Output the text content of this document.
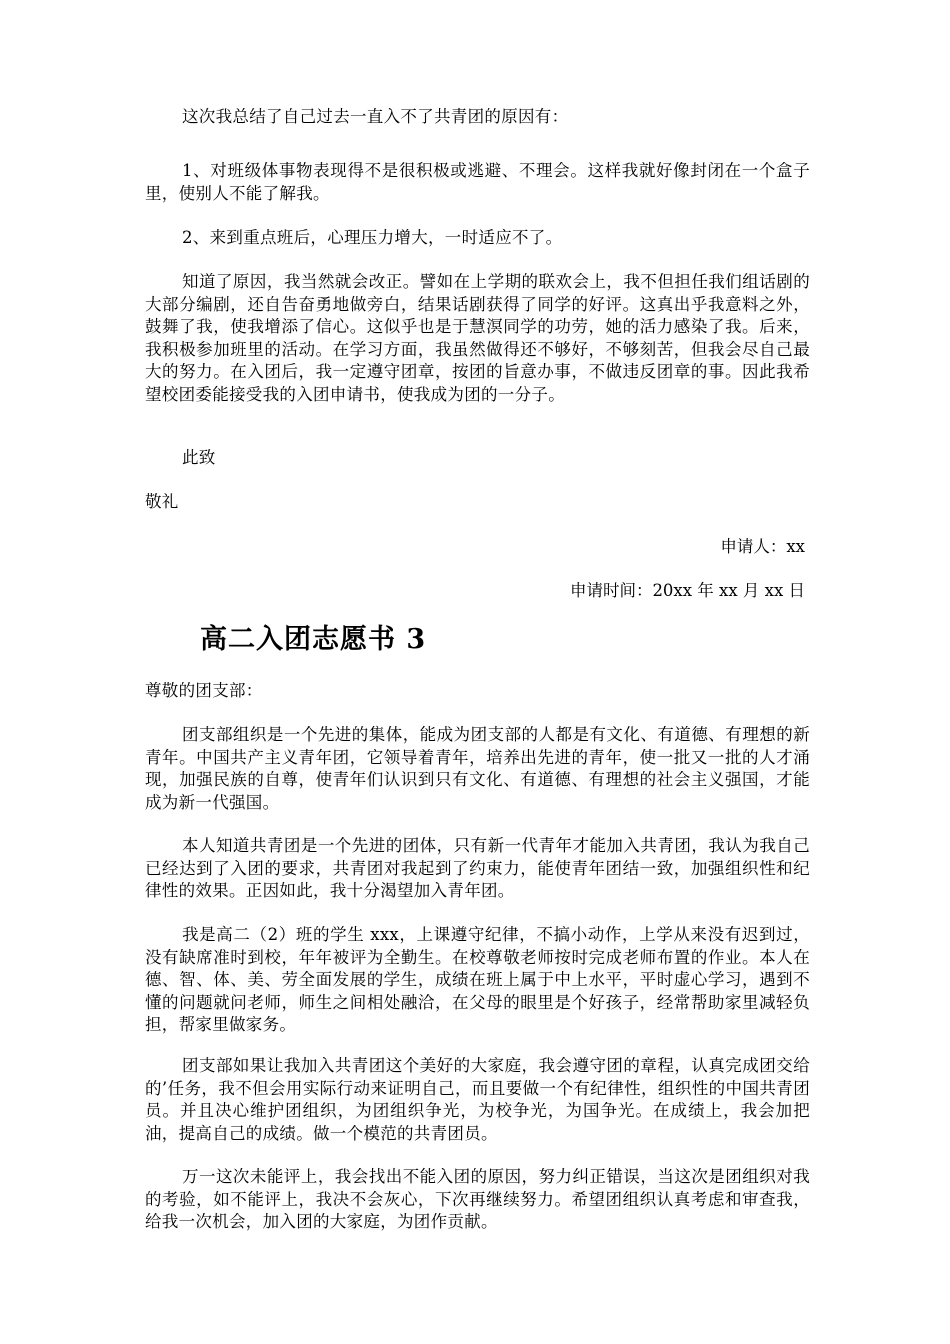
这次我总结了自己过去一直入不了共青团的原因有：

1、对班级体事物表现得不是很积极或逃避、不理会。这样我就好像封闭在一个盒子里，使别人不能了解我。

2、来到重点班后，心理压力增大，一时适应不了。

知道了原因，我当然就会改正。譬如在上学期的联欢会上，我不但担任我们组话剧的大部分编剧，还自告奋勇地做旁白，结果话剧获得了同学的好评。这真出乎我意料之外，鼓舞了我，使我增添了信心。这似乎也是于慧溟同学的功劳，她的活力感染了我。后来，我积极参加班里的活动。在学习方面，我虽然做得还不够好，不够刻苦，但我会尽自己最大的努力。在入团后，我一定遵守团章，按团的旨意办事，不做违反团章的事。因此我希望校团委能接受我的入团申请书，使我成为团的一分子。

此致

敬礼

申请人：xx
申请时间：20xx 年 xx 月 xx 日
高二入团志愿书 3

尊敬的团支部：

团支部组织是一个先进的集体，能成为团支部的人都是有文化、有道德、有理想的新青年。中国共产主义青年团，它领导着青年，培养出先进的青年，使一批又一批的人才涌现，加强民族的自尊，使青年们认识到只有文化、有道德、有理想的社会主义强国，才能成为新一代强国。

本人知道共青团是一个先进的团体，只有新一代青年才能加入共青团，我认为我自己已经达到了入团的要求，共青团对我起到了约束力，能使青年团结一致，加强组织性和纪律性的效果。正因如此，我十分渴望加入青年团。

我是高二（2）班的学生 xxx，上课遵守纪律，不搞小动作，上学从来没有迟到过，没有缺席准时到校，年年被评为全勤生。在校尊敬老师按时完成老师布置的作业。本人在德、智、体、美、劳全面发展的学生，成绩在班上属于中上水平，平时虚心学习，遇到不懂的问题就问老师，师生之间相处融洽，在父母的眼里是个好孩子，经常帮助家里减轻负担，帮家里做家务。

团支部如果让我加入共青团这个美好的大家庭，我会遵守团的章程，认真完成团交给的’任务，我不但会用实际行动来证明自己，而且要做一个有纪律性，组织性的中国共青团员。并且决心维护团组织，为团组织争光，为校争光，为国争光。在成绩上，我会加把油，提高自己的成绩。做一个模范的共青团员。

万一这次未能评上，我会找出不能入团的原因，努力纠正错误，当这次是团组织对我的考验，如不能评上，我决不会灰心，下次再继续努力。希望团组织认真考虑和审查我，给我一次机会，加入团的大家庭，为团作贡献。
